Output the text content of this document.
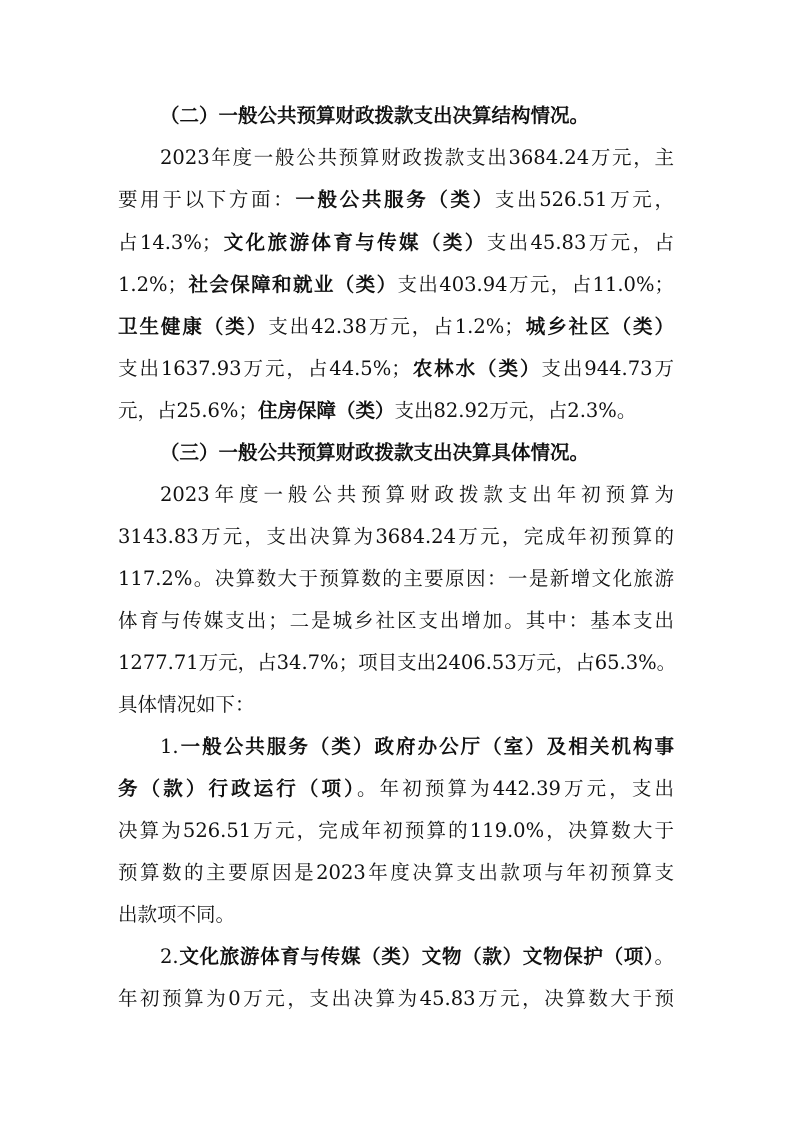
（二）一般公共预算财政拨款支出决算结构情况。
2023年度一般公共预算财政拨款支出3684.24万元，主
要用于以下方面：一般公共服务（类）支出526.51万元，
占14.3%；文化旅游体育与传媒（类）支出45.83万元，占
1.2%；社会保障和就业（类）支出403.94万元，占11.0%；
卫生健康（类）支出42.38万元，占1.2%；城乡社区（类）
支出1637.93万元，占44.5%；农林水（类）支出944.73万
元，占25.6%；住房保障（类）支出82.92万元，占2.3%。
（三）一般公共预算财政拨款支出决算具体情况。
2023年度一般公共预算财政拨款支出年初预算为
3143.83万元，支出决算为3684.24万元，完成年初预算的
117.2%。决算数大于预算数的主要原因：一是新增文化旅游
体育与传媒支出；二是城乡社区支出增加。其中：基本支出
1277.71万元，占34.7%；项目支出2406.53万元，占65.3%。
具体情况如下：
1.一般公共服务（类）政府办公厅（室）及相关机构事
务（款）行政运行（项）。年初预算为442.39万元，支出
决算为526.51万元，完成年初预算的119.0%，决算数大于
预算数的主要原因是2023年度决算支出款项与年初预算支
出款项不同。
2.文化旅游体育与传媒（类）文物（款）文物保护（项）。
年初预算为0万元，支出决算为45.83万元，决算数大于预
